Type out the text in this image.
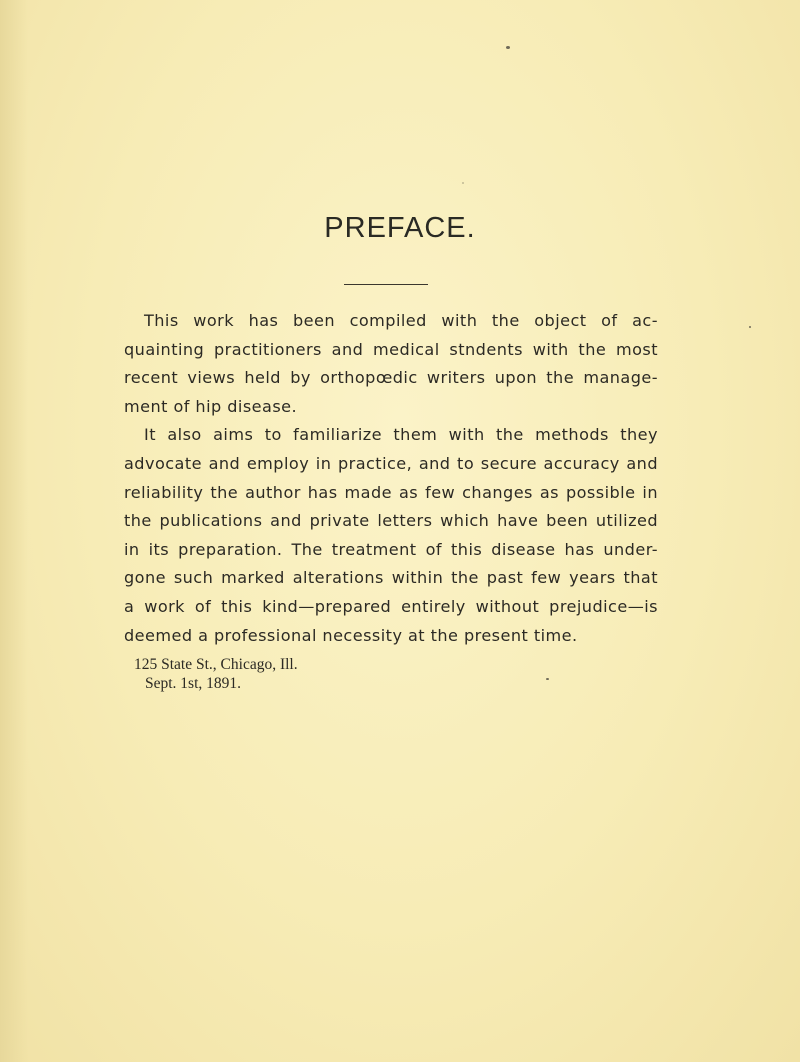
PREFACE.
This work has been compiled with the object of ac-
quainting practitioners and medical stndents with the most
recent views held by orthopœdic writers upon the manage-
ment of hip disease.
It also aims to familiarize them with the methods they
advocate and employ in practice, and to secure accuracy and
reliability the author has made as few changes as possible in
the publications and private letters which have been utilized
in its preparation. The treatment of this disease has under-
gone such marked alterations within the past few years that
a work of this kind—prepared entirely without prejudice—is
deemed a professional necessity at the present time.
125 State St., Chicago, Ill.
Sept. 1st, 1891.
